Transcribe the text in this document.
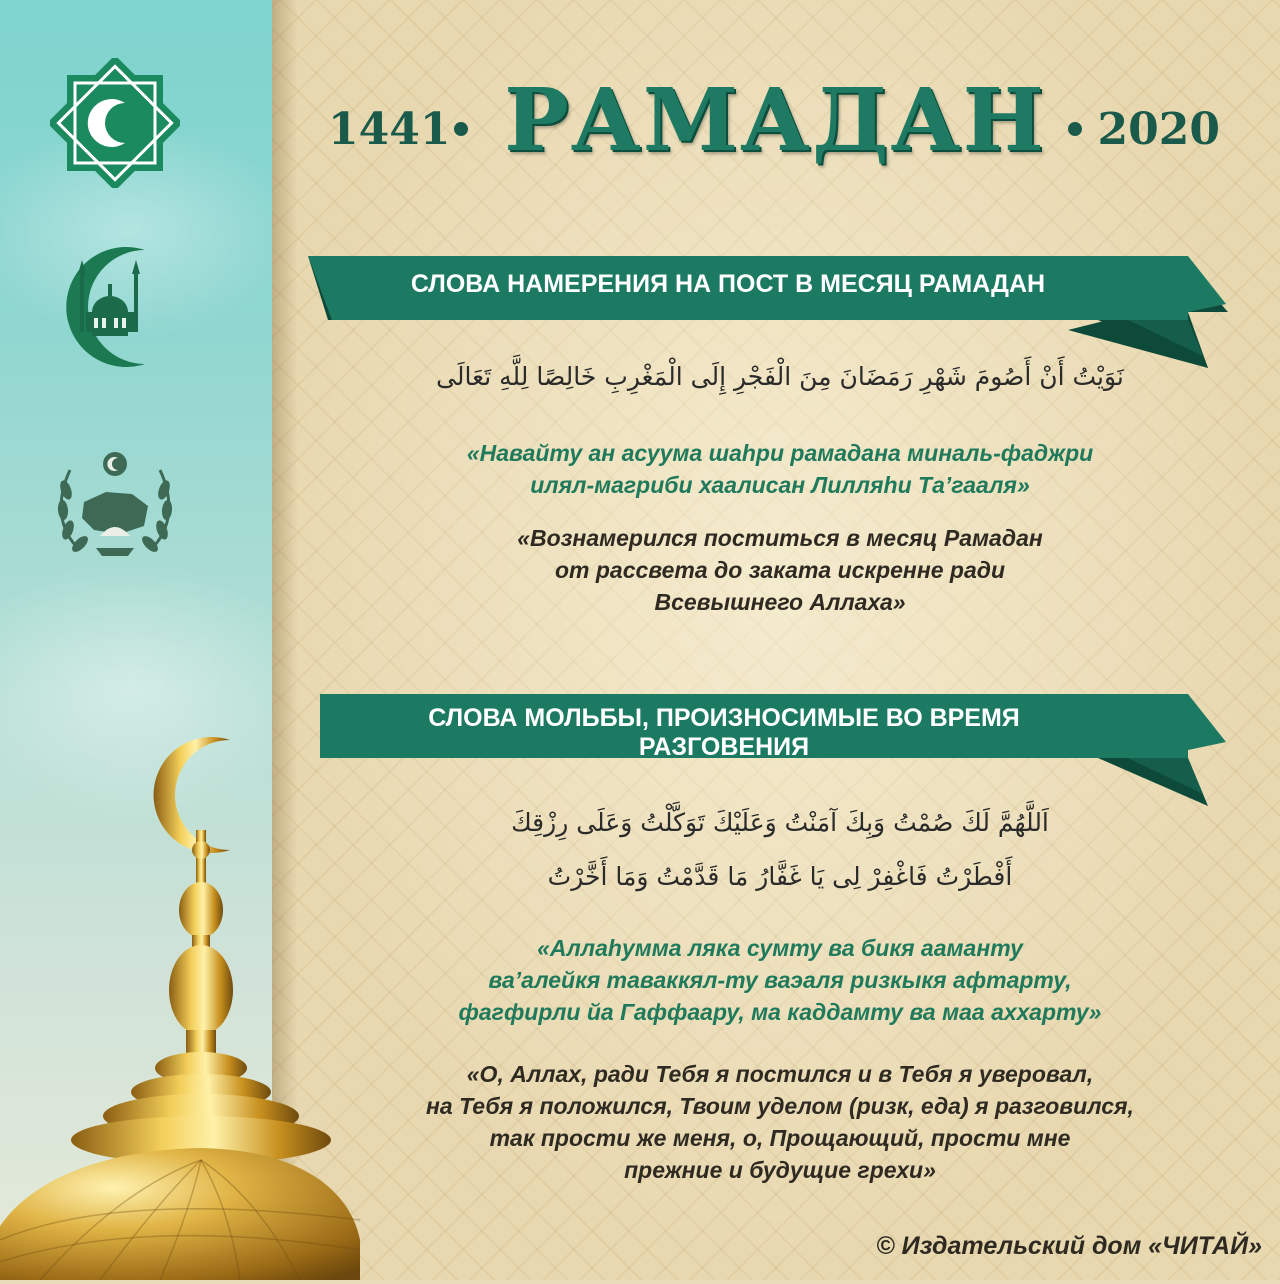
1441 РАМАДАН	2020
СЛОВА НАМЕРЕНИЯ НА ПОСТ В МЕСЯЦ РАМАДАН
نَوَيْتُ أَنْ أَصُومَ شَهْرِ رَمَضَانَ مِنَ الْفَجْرِ إِلَى الْمَغْرِبِ خَالِصًا لِلَّهِ تَعَالَى
«Навайту ан асуума шаhри рамадана миналь-фаджри
илял-магриби хаалисан Лилляhи Та’гааля»
«Вознамерился поститься в месяц Рамадан
от рассвета до заката искренне ради
Всевышнего Аллаха»
СЛОВА МОЛЬБЫ, ПРОИЗНОСИМЫЕ ВО ВРЕМЯ РАЗГОВЕНИЯ
اَللَّهُمَّ لَكَ صُمْتُ وَبِكَ آمَنْتُ وَعَلَيْكَ تَوَكَّلْتُ وَعَلَى رِزْقِكَ
أَفْطَرْتُ فَاغْفِرْ لِى يَا غَفَّارُ مَا قَدَّمْتُ وَمَا أَخَّرْتُ
«Аллаhумма ляка сумту ва бикя ааманту
ва’алейкя таваккял-ту ваэаля ризкыкя афтарту,
фагфирли йа Гаффаару, ма каддамту ва маа аххарту»
«О, Аллах, ради Тебя я постился и в Тебя я уверовал,
на Тебя я положился, Твоим уделом (ризк, еда) я разговился,
так прости же меня, о, Прощающий, прости мне
прежние и будущие грехи»
© Издательский дом «ЧИТАЙ»
